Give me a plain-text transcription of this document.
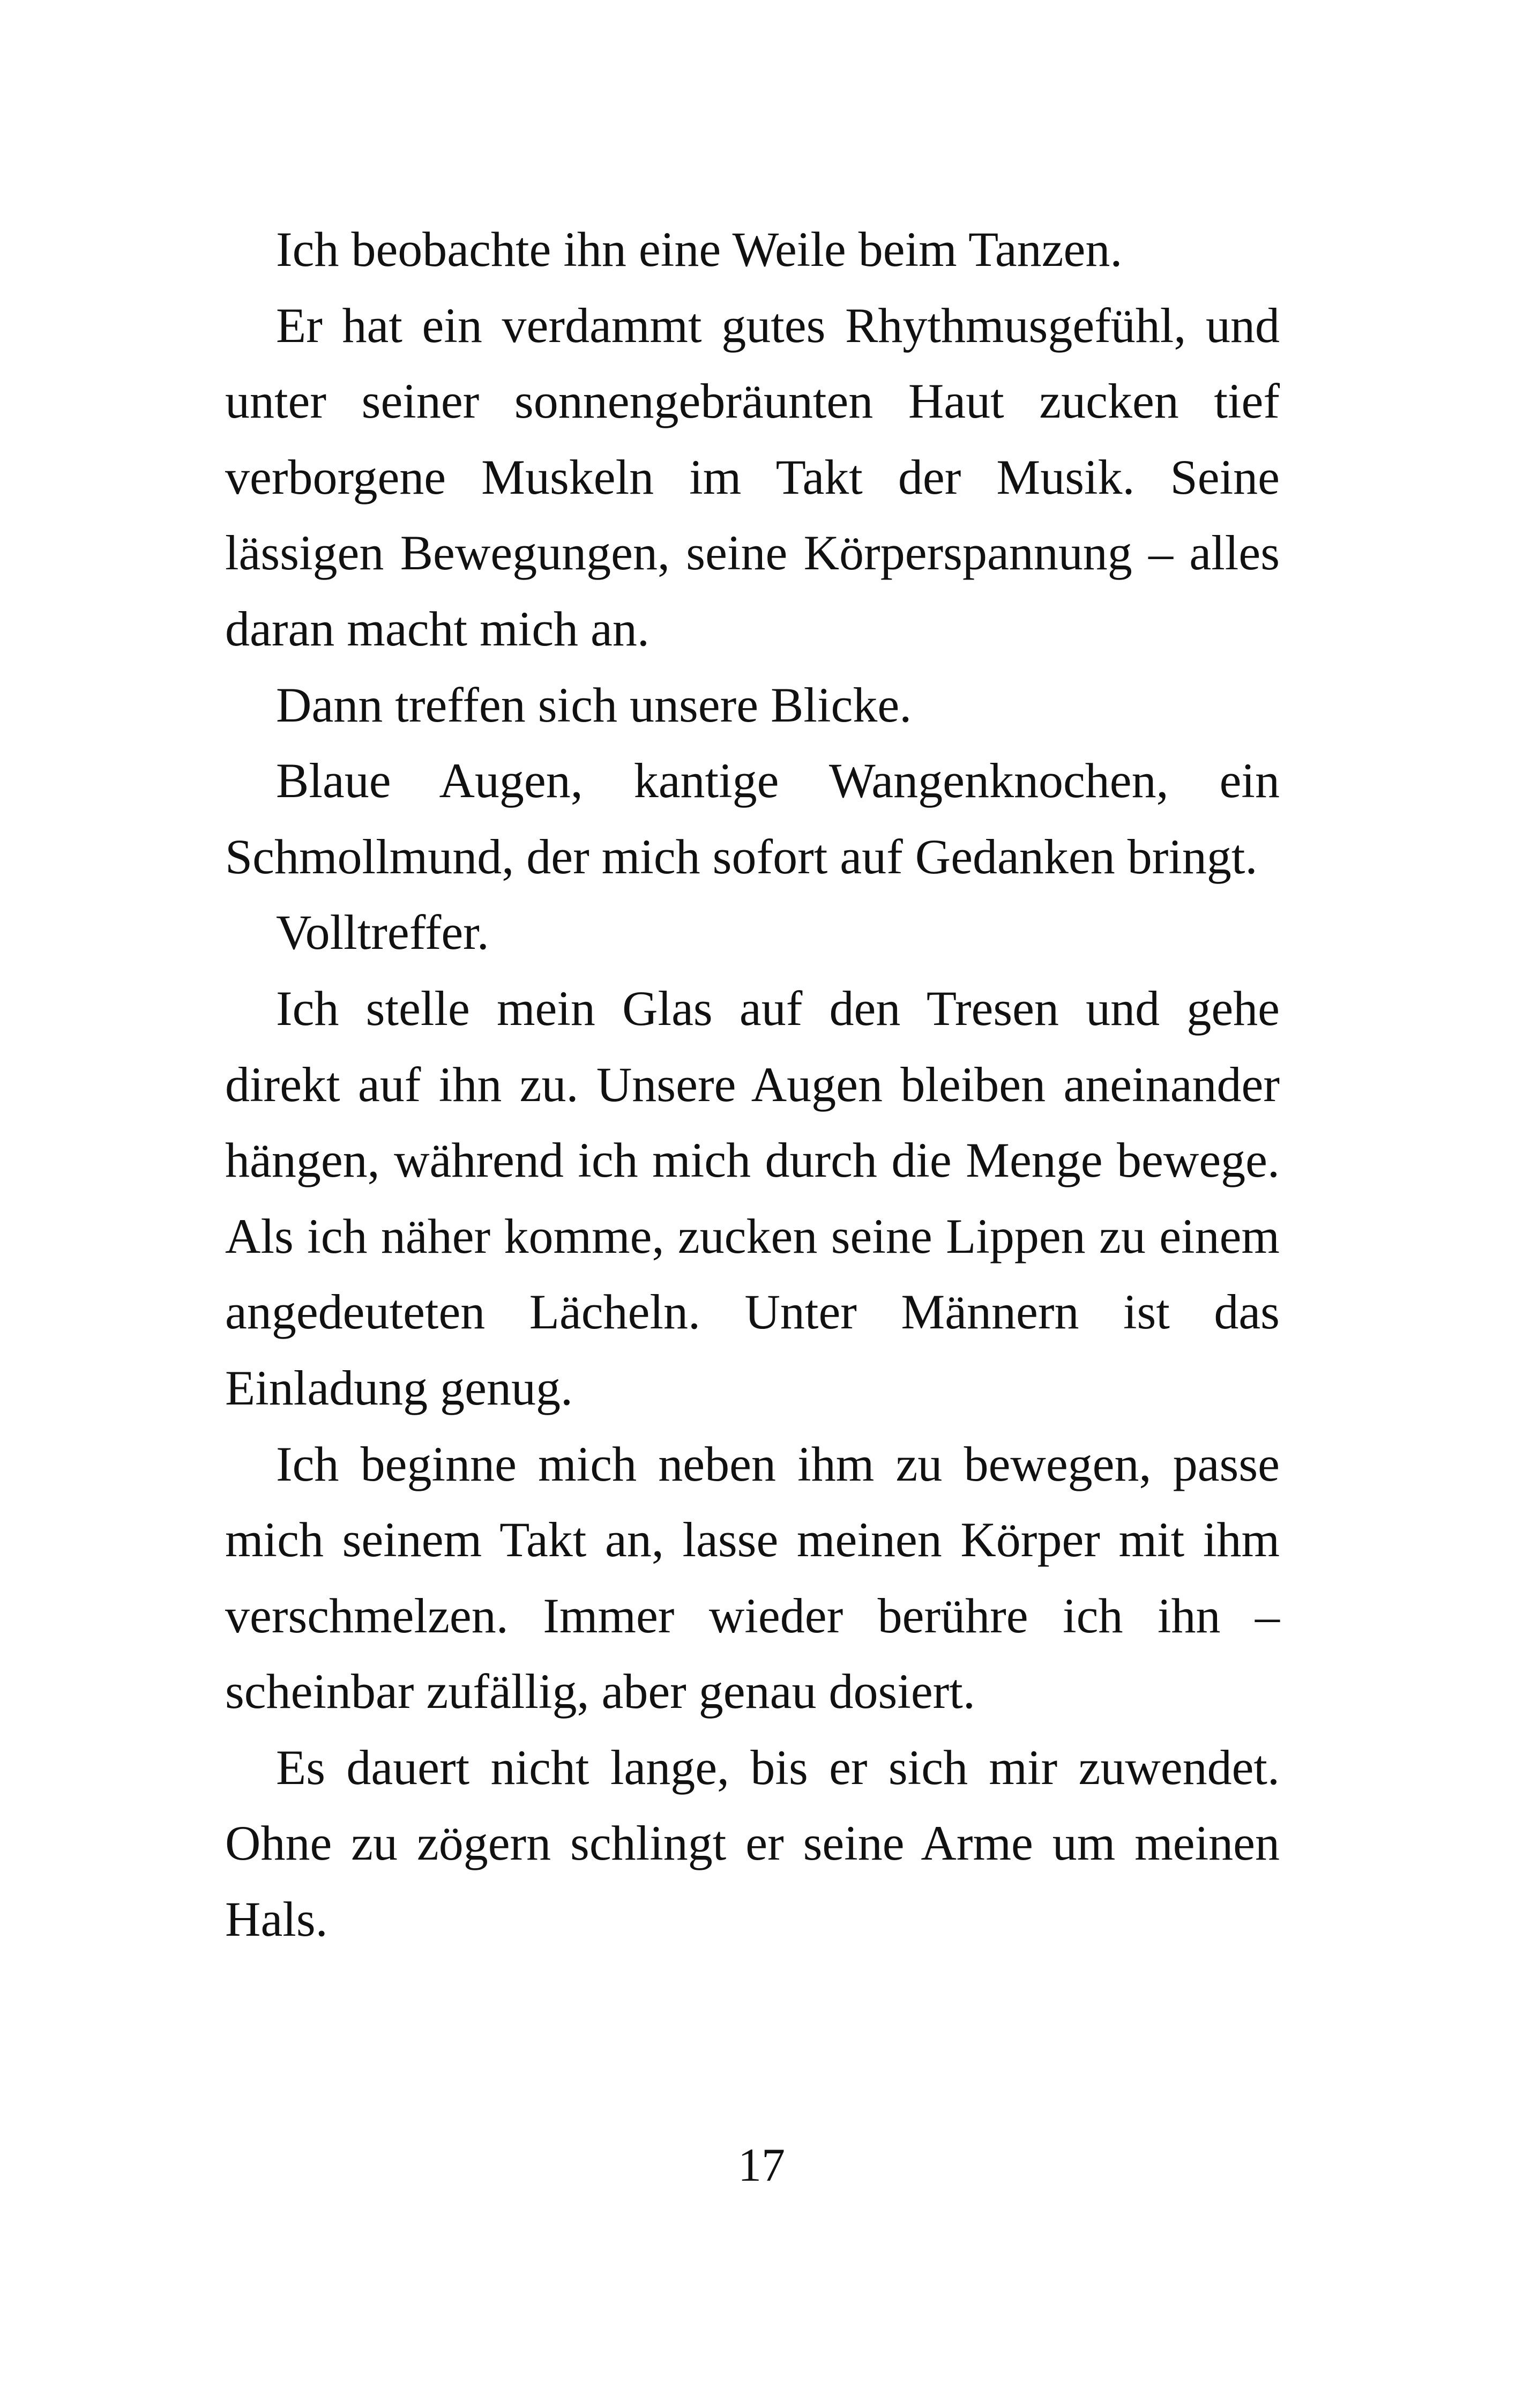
Ich beobachte ihn eine Weile beim Tanzen.

Er hat ein verdammt gutes Rhythmusgefühl, und unter seiner sonnengebräunten Haut zucken tief verborgene Muskeln im Takt der Musik. Seine lässigen Bewegungen, seine Körperspannung – alles daran macht mich an.

Dann treffen sich unsere Blicke.

Blaue Augen, kantige Wangenknochen, ein Schmollmund, der mich sofort auf Gedanken bringt.

Volltreffer.

Ich stelle mein Glas auf den Tresen und gehe direkt auf ihn zu. Unsere Augen bleiben aneinander hängen, während ich mich durch die Menge bewege. Als ich näher komme, zucken seine Lippen zu einem angedeuteten Lächeln. Unter Männern ist das Einladung genug.

Ich beginne mich neben ihm zu bewegen, passe mich seinem Takt an, lasse meinen Körper mit ihm verschmelzen. Immer wieder berühre ich ihn – scheinbar zufällig, aber genau dosiert.

Es dauert nicht lange, bis er sich mir zuwendet. Ohne zu zögern schlingt er seine Arme um meinen Hals.

17
